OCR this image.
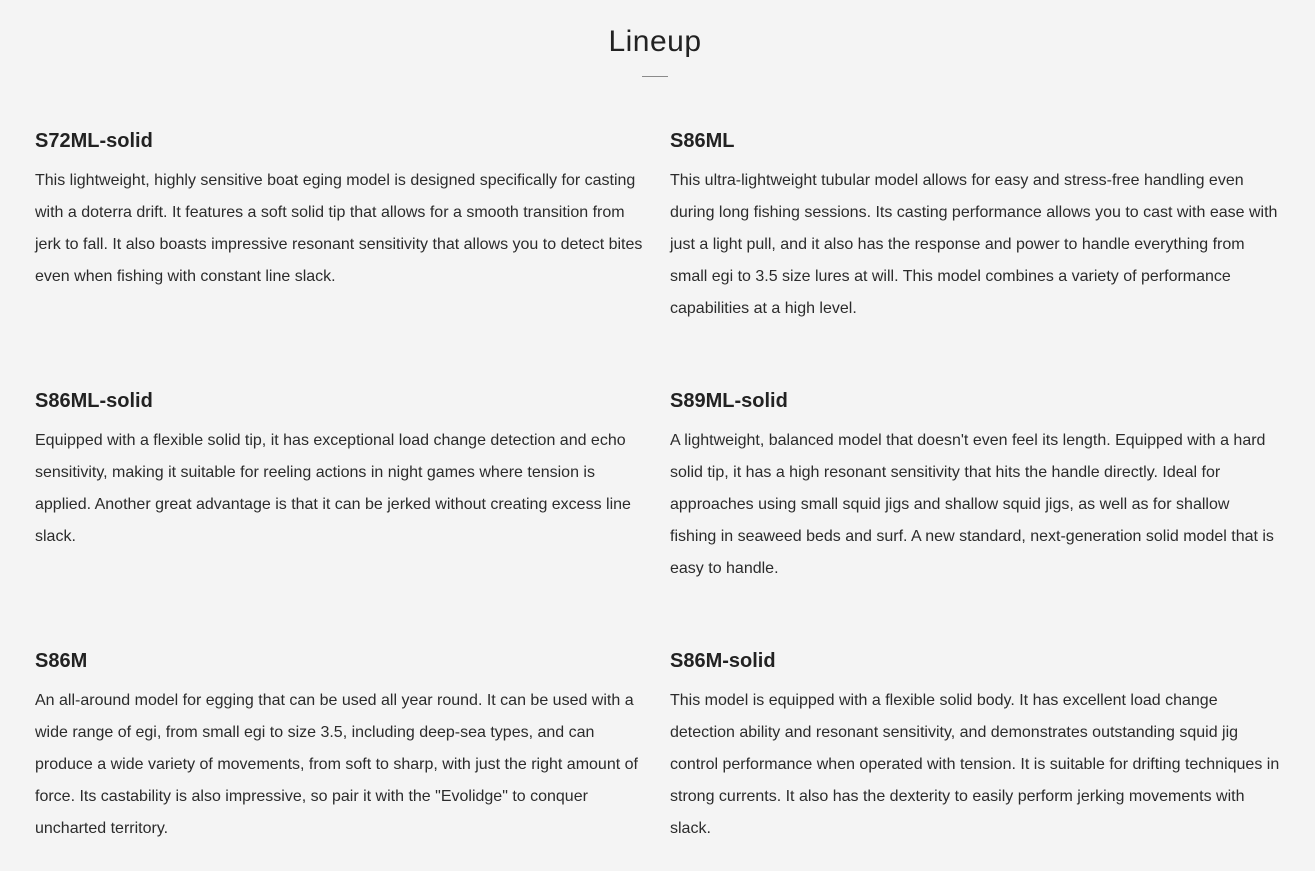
Lineup
S72ML-solid

This lightweight, highly sensitive boat eging model is designed specifically for casting with a doterra drift. It features a soft solid tip that allows for a smooth transition from jerk to fall. It also boasts impressive resonant sensitivity that allows you to detect bites even when fishing with constant line slack.

S86ML

This ultra-lightweight tubular model allows for easy and stress-free handling even during long fishing sessions. Its casting performance allows you to cast with ease with just a light pull, and it also has the response and power to handle everything from small egi to 3.5 size lures at will. This model combines a variety of performance capabilities at a high level.

S86ML-solid

Equipped with a flexible solid tip, it has exceptional load change detection and echo sensitivity, making it suitable for reeling actions in night games where tension is applied. Another great advantage is that it can be jerked without creating excess line slack.

S89ML-solid

A lightweight, balanced model that doesn't even feel its length. Equipped with a hard solid tip, it has a high resonant sensitivity that hits the handle directly. Ideal for approaches using small squid jigs and shallow squid jigs, as well as for shallow fishing in seaweed beds and surf. A new standard, next-generation solid model that is easy to handle.

S86M

An all-around model for egging that can be used all year round. It can be used with a wide range of egi, from small egi to size 3.5, including deep-sea types, and can produce a wide variety of movements, from soft to sharp, with just the right amount of force. Its castability is also impressive, so pair it with the "Evolidge" to conquer uncharted territory.

S86M-solid

This model is equipped with a flexible solid body. It has excellent load change detection ability and resonant sensitivity, and demonstrates outstanding squid jig control performance when operated with tension. It is suitable for drifting techniques in strong currents. It also has the dexterity to easily perform jerking movements with slack.
